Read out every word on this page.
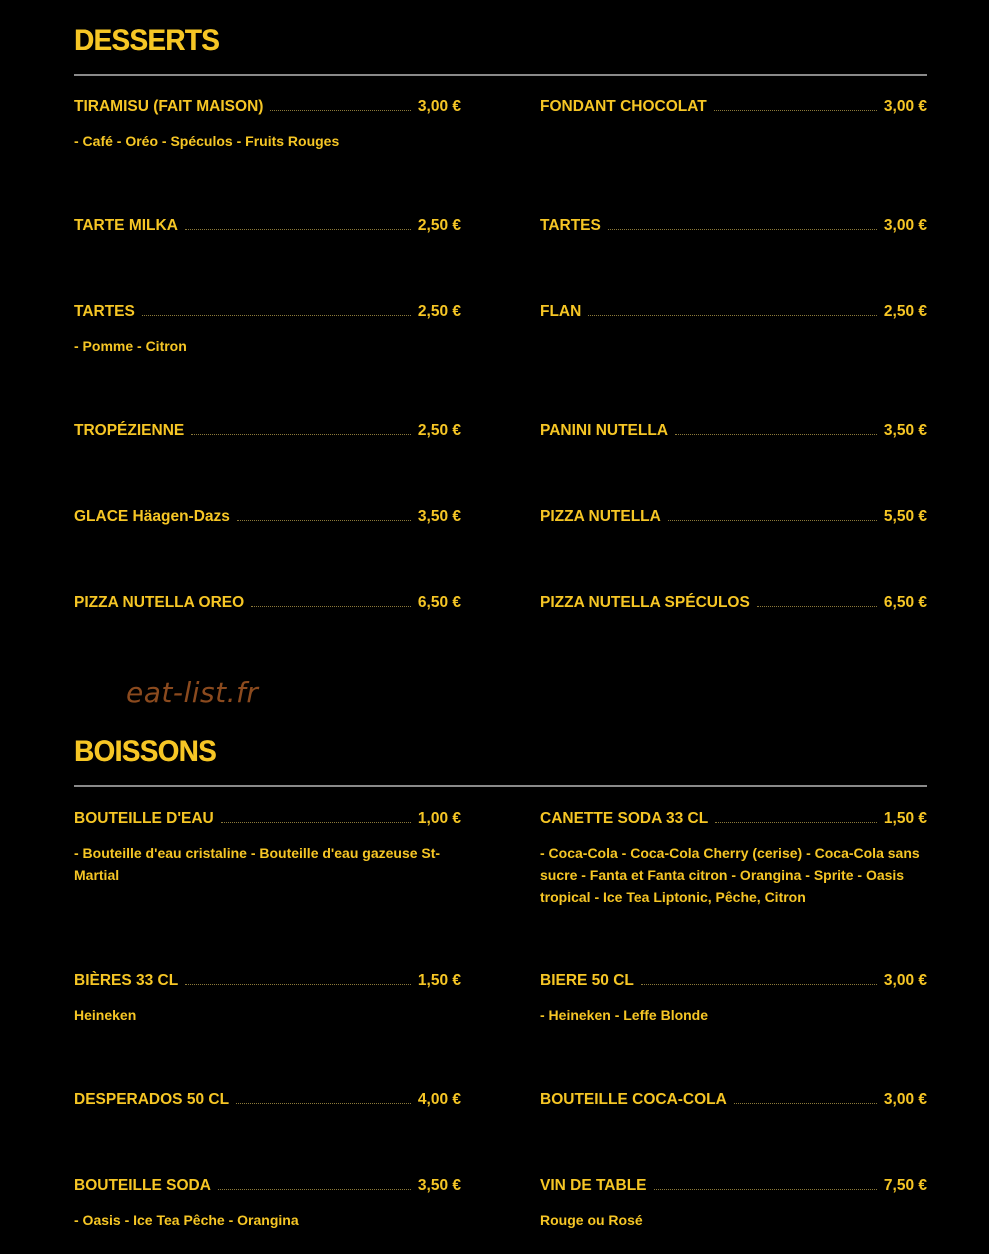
DESSERTS
TIRAMISU (FAIT MAISON)	3,00 €
- Café - Oréo - Spéculos - Fruits Rouges
FONDANT CHOCOLAT	3,00 €
TARTE MILKA	2,50 €	TARTES	3,00 €
TARTES	2,50 €
- Pomme - Citron
FLAN	2,50 €
TROPÉZIENNE	2,50 €	PANINI NUTELLA	3,50 €
GLACE Häagen-Dazs	3,50 €	PIZZA NUTELLA	5,50 €
PIZZA NUTELLA OREO	6,50 €	PIZZA NUTELLA SPÉCULOS	6,50 €
eat-list.fr
BOISSONS
BOUTEILLE D'EAU	1,00 €
- Bouteille d'eau cristaline - Bouteille d'eau gazeuse St-Martial
CANETTE SODA 33 CL	1,50 €
- Coca-Cola - Coca-Cola Cherry (cerise) - Coca-Cola sans sucre - Fanta et Fanta citron - Orangina - Sprite - Oasis tropical - Ice Tea Liptonic, Pêche, Citron
BIÈRES 33 CL	1,50 €
Heineken
BIERE 50 CL	3,00 €
- Heineken - Leffe Blonde
DESPERADOS 50 CL	4,00 €	BOUTEILLE COCA-COLA	3,00 €
BOUTEILLE SODA	3,50 €
- Oasis - Ice Tea Pêche - Orangina
VIN DE TABLE	7,50 €
Rouge ou Rosé
